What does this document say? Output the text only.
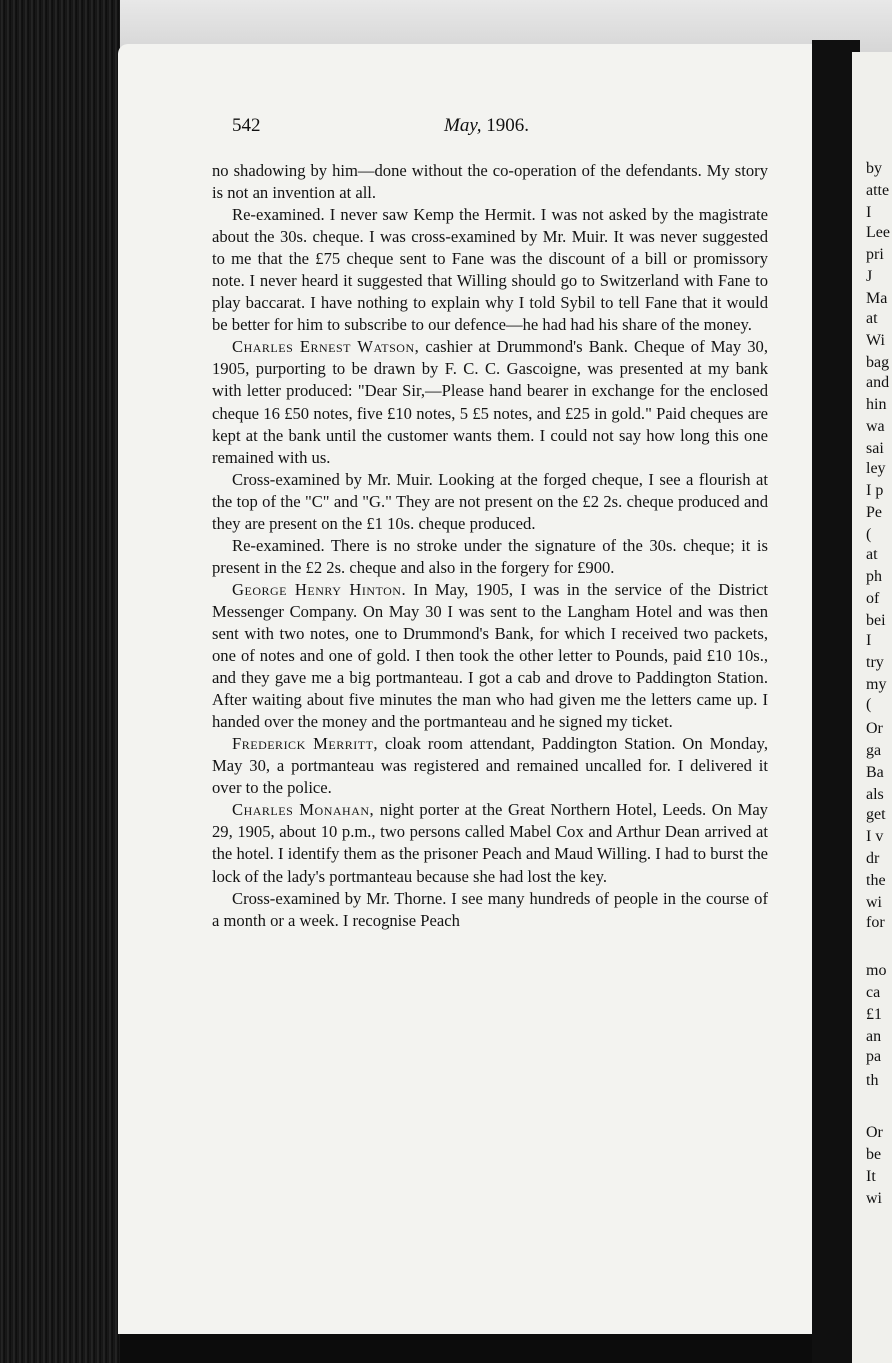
by
atte
I
Lee
pri
J
Ma
at
Wi
bag
and
hin
wa
sai
ley
I p
Pe
(
at
ph
of
bei
I
try
my
(
Or
ga
Ba
als
get
I v
dr
the
wi
for
mo
ca
£1
an
pa
th
Or
be
It
wi
542	May, 1906.

no shadowing by him—done without the co-operation of the defendants. My story is not an invention at all.

Re-examined. I never saw Kemp the Hermit. I was not asked by the magistrate about the 30s. cheque. I was cross-examined by Mr. Muir. It was never suggested to me that the £75 cheque sent to Fane was the discount of a bill or promissory note. I never heard it suggested that Willing should go to Switzerland with Fane to play baccarat. I have nothing to explain why I told Sybil to tell Fane that it would be better for him to subscribe to our defence—he had had his share of the money.

Charles Ernest Watson, cashier at Drummond's Bank. Cheque of May 30, 1905, purporting to be drawn by F. C. C. Gascoigne, was presented at my bank with letter produced: "Dear Sir,—Please hand bearer in exchange for the enclosed cheque 16 £50 notes, five £10 notes, 5 £5 notes, and £25 in gold." Paid cheques are kept at the bank until the customer wants them. I could not say how long this one remained with us.

Cross-examined by Mr. Muir. Looking at the forged cheque, I see a flourish at the top of the "C" and "G." They are not present on the £2 2s. cheque produced and they are present on the £1 10s. cheque produced.

Re-examined. There is no stroke under the signature of the 30s. cheque; it is present in the £2 2s. cheque and also in the forgery for £900.

George Henry Hinton. In May, 1905, I was in the service of the District Messenger Company. On May 30 I was sent to the Langham Hotel and was then sent with two notes, one to Drummond's Bank, for which I received two packets, one of notes and one of gold. I then took the other letter to Pounds, paid £10 10s., and they gave me a big portmanteau. I got a cab and drove to Paddington Station. After waiting about five minutes the man who had given me the letters came up. I handed over the money and the portmanteau and he signed my ticket.

Frederick Merritt, cloak room attendant, Paddington Station. On Monday, May 30, a portmanteau was registered and remained uncalled for. I delivered it over to the police.

Charles Monahan, night porter at the Great Northern Hotel, Leeds. On May 29, 1905, about 10 p.m., two persons called Mabel Cox and Arthur Dean arrived at the hotel. I identify them as the prisoner Peach and Maud Willing. I had to burst the lock of the lady's portmanteau because she had lost the key.

Cross-examined by Mr. Thorne. I see many hundreds of people in the course of a month or a week. I recognise Peach
